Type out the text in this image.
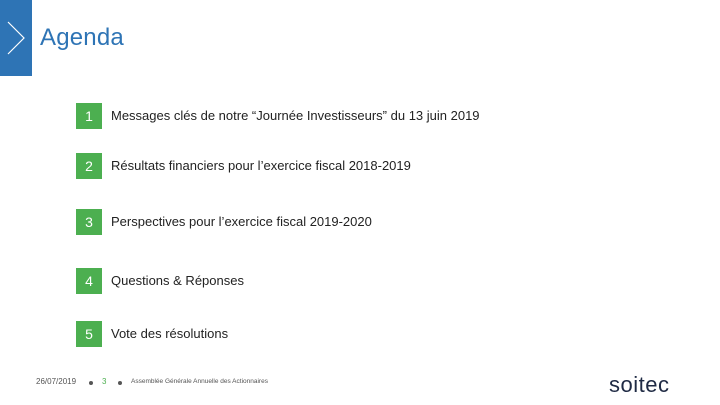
Agenda
1	Messages clés de notre “Journée Investisseurs” du 13 juin 2019
2	Résultats financiers pour l’exercice fiscal 2018-2019
3	Perspectives pour l’exercice fiscal 2019-2020
4	Questions & Réponses
5	Vote des résolutions
26/07/2019	3	Assemblée Générale Annuelle des Actionnaires	soitec
